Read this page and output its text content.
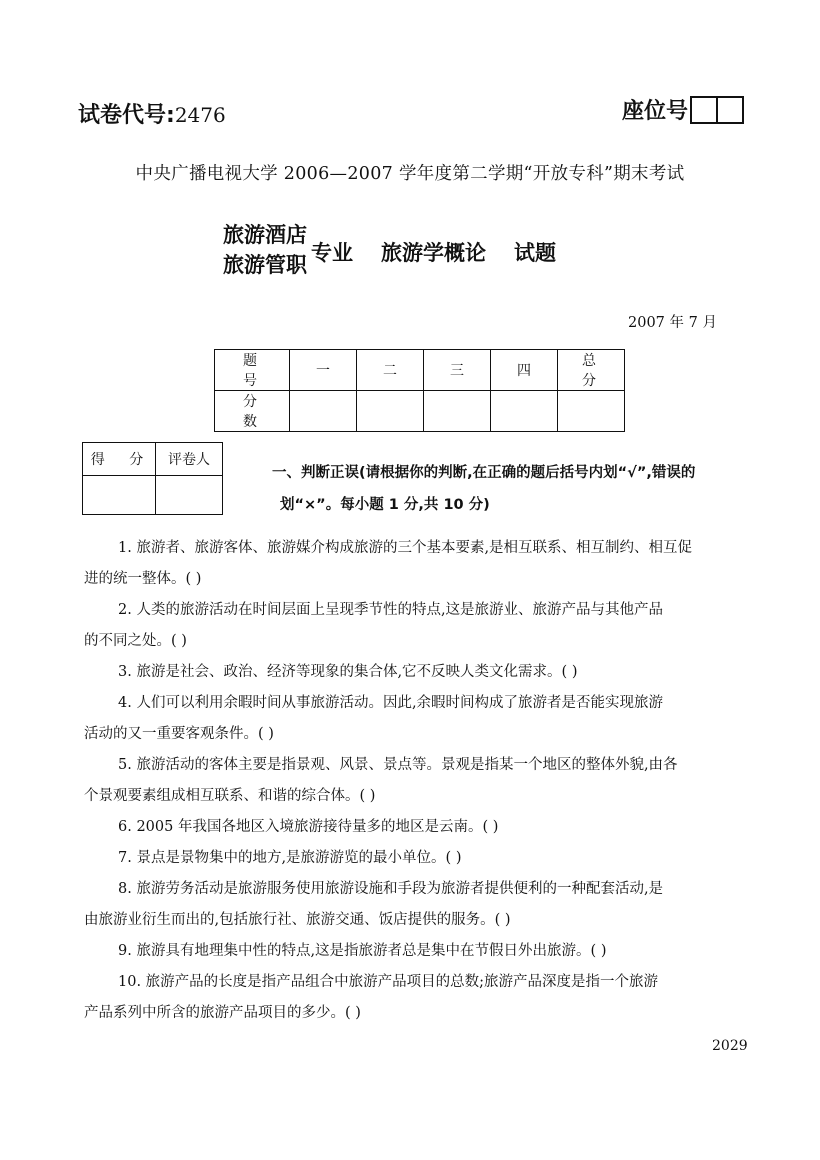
试卷代号:2476	座位号
中央广播电视大学 2006—2007 学年度第二学期“开放专科”期末考试
旅游酒店
旅游管职 专业 旅游学概论 试题
2007 年 7 月
题 号	一	二	三	四	总 分
分 数					
得 分	评卷人

一、判断正误(请根据你的判断,在正确的题后括号内划“√”,错误的
划“×”。每小题 1 分,共 10 分)

1. 旅游者、旅游客体、旅游媒介构成旅游的三个基本要素,是相互联系、相互制约、相互促
进的统一整体。( )

2. 人类的旅游活动在时间层面上呈现季节性的特点,这是旅游业、旅游产品与其他产品
的不同之处。( )

3. 旅游是社会、政治、经济等现象的集合体,它不反映人类文化需求。( )

4. 人们可以利用余暇时间从事旅游活动。因此,余暇时间构成了旅游者是否能实现旅游
活动的又一重要客观条件。( )

5. 旅游活动的客体主要是指景观、风景、景点等。景观是指某一个地区的整体外貌,由各
个景观要素组成相互联系、和谐的综合体。( )

6. 2005 年我国各地区入境旅游接待量多的地区是云南。( )

7. 景点是景物集中的地方,是旅游游览的最小单位。( )

8. 旅游劳务活动是旅游服务使用旅游设施和手段为旅游者提供便利的一种配套活动,是
由旅游业衍生而出的,包括旅行社、旅游交通、饭店提供的服务。( )

9. 旅游具有地理集中性的特点,这是指旅游者总是集中在节假日外出旅游。( )

10. 旅游产品的长度是指产品组合中旅游产品项目的总数;旅游产品深度是指一个旅游
产品系列中所含的旅游产品项目的多少。( )

2029
